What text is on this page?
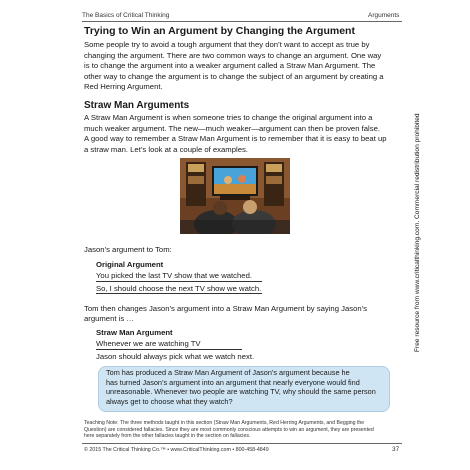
The Basics of Critical Thinking	Arguments
Trying to Win an Argument by Changing the Argument
Some people try to avoid a tough argument that they don’t want to accept as true by
changing the argument. There are two common ways to change an argument. One way
is to change the argument into a weaker argument called a Straw Man Argument. The
other way to change the argument is to change the subject of an argument by creating a
Red Herring Argument.
Straw Man Arguments
A Straw Man Argument is when someone tries to change the original argument into a
much weaker argument. The new—much weaker—argument can then be proven false.
A good way to remember a Straw Man Argument is to remember that it is easy to beat up
a straw man. Let’s look at a couple of examples.
Jason’s argument to Tom:
Original Argument
You picked the last TV show that we watched.
So, I should choose the next TV show we watch.
Tom then changes Jason’s argument into a Straw Man Argument by saying Jason’s
argument is …
Straw Man Argument
Whenever we are watching TV
Jason should always pick what we watch next.
Tom has produced a Straw Man Argument of Jason’s argument because he
has turned Jason’s argument into an argument that nearly everyone would find
unreasonable. Whenever two people are watching TV, why should the same person
always get to choose what they watch?
Teaching Note: The three methods taught in this section (Straw Man Arguments, Red Herring Arguments, and Begging the
Question) are considered fallacies. Since they are most commonly conscious attempts to win an argument, they are presented
here separately from the other fallacies taught in the section on fallacies.
© 2015 The Critical Thinking Co.™ • www.CriticalThinking.com • 800-458-4849	37
Free resource from www.criticalthinking.com. Commercial redistribution prohibited
